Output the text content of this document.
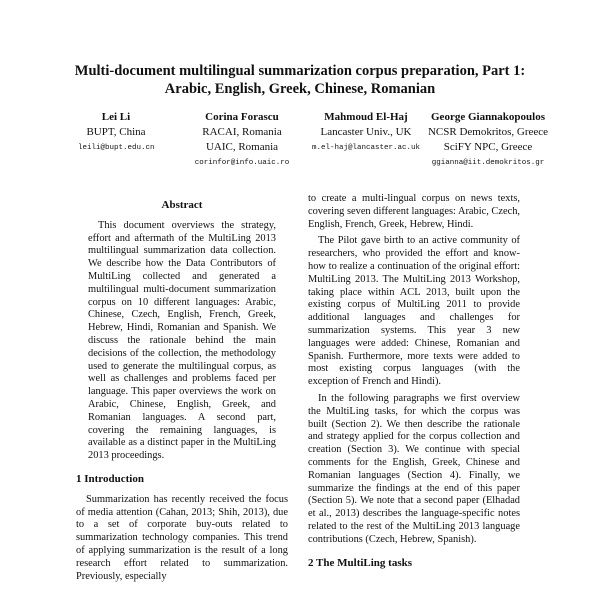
Multi-document multilingual summarization corpus preparation, Part 1:
Arabic, English, Greek, Chinese, Romanian
Lei Li
BUPT, China
leili@bupt.edu.cn
Corina Forascu
RACAI, Romania
UAIC, Romania
corinfor@info.uaic.ro
Mahmoud El-Haj
Lancaster Univ., UK
m.el-haj@lancaster.ac.uk
George Giannakopoulos
NCSR Demokritos, Greece
SciFY NPC, Greece
ggianna@iit.demokritos.gr
Abstract

This document overviews the strategy, effort and aftermath of the MultiLing 2013 multilingual summarization data collection. We describe how the Data Contributors of MultiLing collected and generated a multilingual multi-document summarization corpus on 10 different languages: Arabic, Chinese, Czech, English, French, Greek, Hebrew, Hindi, Romanian and Spanish. We discuss the rationale behind the main decisions of the collection, the methodology used to generate the multilingual corpus, as well as challenges and problems faced per language. This paper overviews the work on Arabic, Chinese, English, Greek, and Romanian languages. A second part, covering the remaining languages, is available as a distinct paper in the MultiLing 2013 proceedings.

1 Introduction

Summarization has recently received the focus of media attention (Cahan, 2013; Shih, 2013), due to a set of corporate buy-outs related to summarization technology companies. This trend of applying summarization is the result of a long research effort related to summarization. Previously, especially

to create a multi-lingual corpus on news texts, covering seven different languages: Arabic, Czech, English, French, Greek, Hebrew, Hindi.

The Pilot gave birth to an active community of researchers, who provided the effort and know-how to realize a continuation of the original effort: MultiLing 2013. The MultiLing 2013 Workshop, taking place within ACL 2013, built upon the existing corpus of MultiLing 2011 to provide additional languages and challenges for summarization systems. This year 3 new languages were added: Chinese, Romanian and Spanish. Furthermore, more texts were added to most existing corpus languages (with the exception of French and Hindi).

In the following paragraphs we first overview the MultiLing tasks, for which the corpus was built (Section 2). We then describe the rationale and strategy applied for the corpus collection and creation (Section 3). We continue with special comments for the English, Greek, Chinese and Romanian languages (Section 4). Finally, we summarize the findings at the end of this paper (Section 5). We note that a second paper (Elhadad et al., 2013) describes the language-specific notes related to the rest of the MultiLing 2013 language contributions (Czech, Hebrew, Spanish).

2 The MultiLing tasks
